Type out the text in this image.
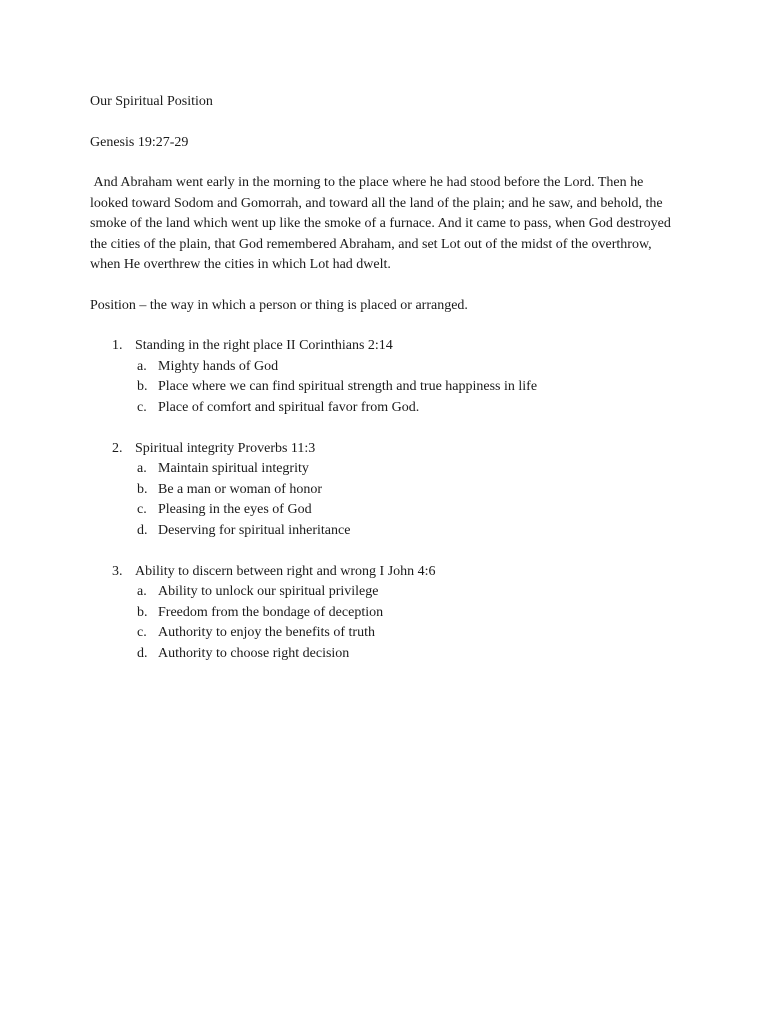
Our Spiritual Position
Genesis 19:27-29
And Abraham went early in the morning to the place where he had stood before the Lord. Then he looked toward Sodom and Gomorrah, and toward all the land of the plain; and he saw, and behold, the smoke of the land which went up like the smoke of a furnace. And it came to pass, when God destroyed the cities of the plain, that God remembered Abraham, and set Lot out of the midst of the overthrow, when He overthrew the cities in which Lot had dwelt.
Position – the way in which a person or thing is placed or arranged.
1. Standing in the right place II Corinthians 2:14
a. Mighty hands of God
b. Place where we can find spiritual strength and true happiness in life
c. Place of comfort and spiritual favor from God.
2. Spiritual integrity Proverbs 11:3
a. Maintain spiritual integrity
b. Be a man or woman of honor
c. Pleasing in the eyes of God
d. Deserving for spiritual inheritance
3. Ability to discern between right and wrong I John 4:6
a. Ability to unlock our spiritual privilege
b. Freedom from the bondage of deception
c. Authority to enjoy the benefits of truth
d. Authority to choose right decision
